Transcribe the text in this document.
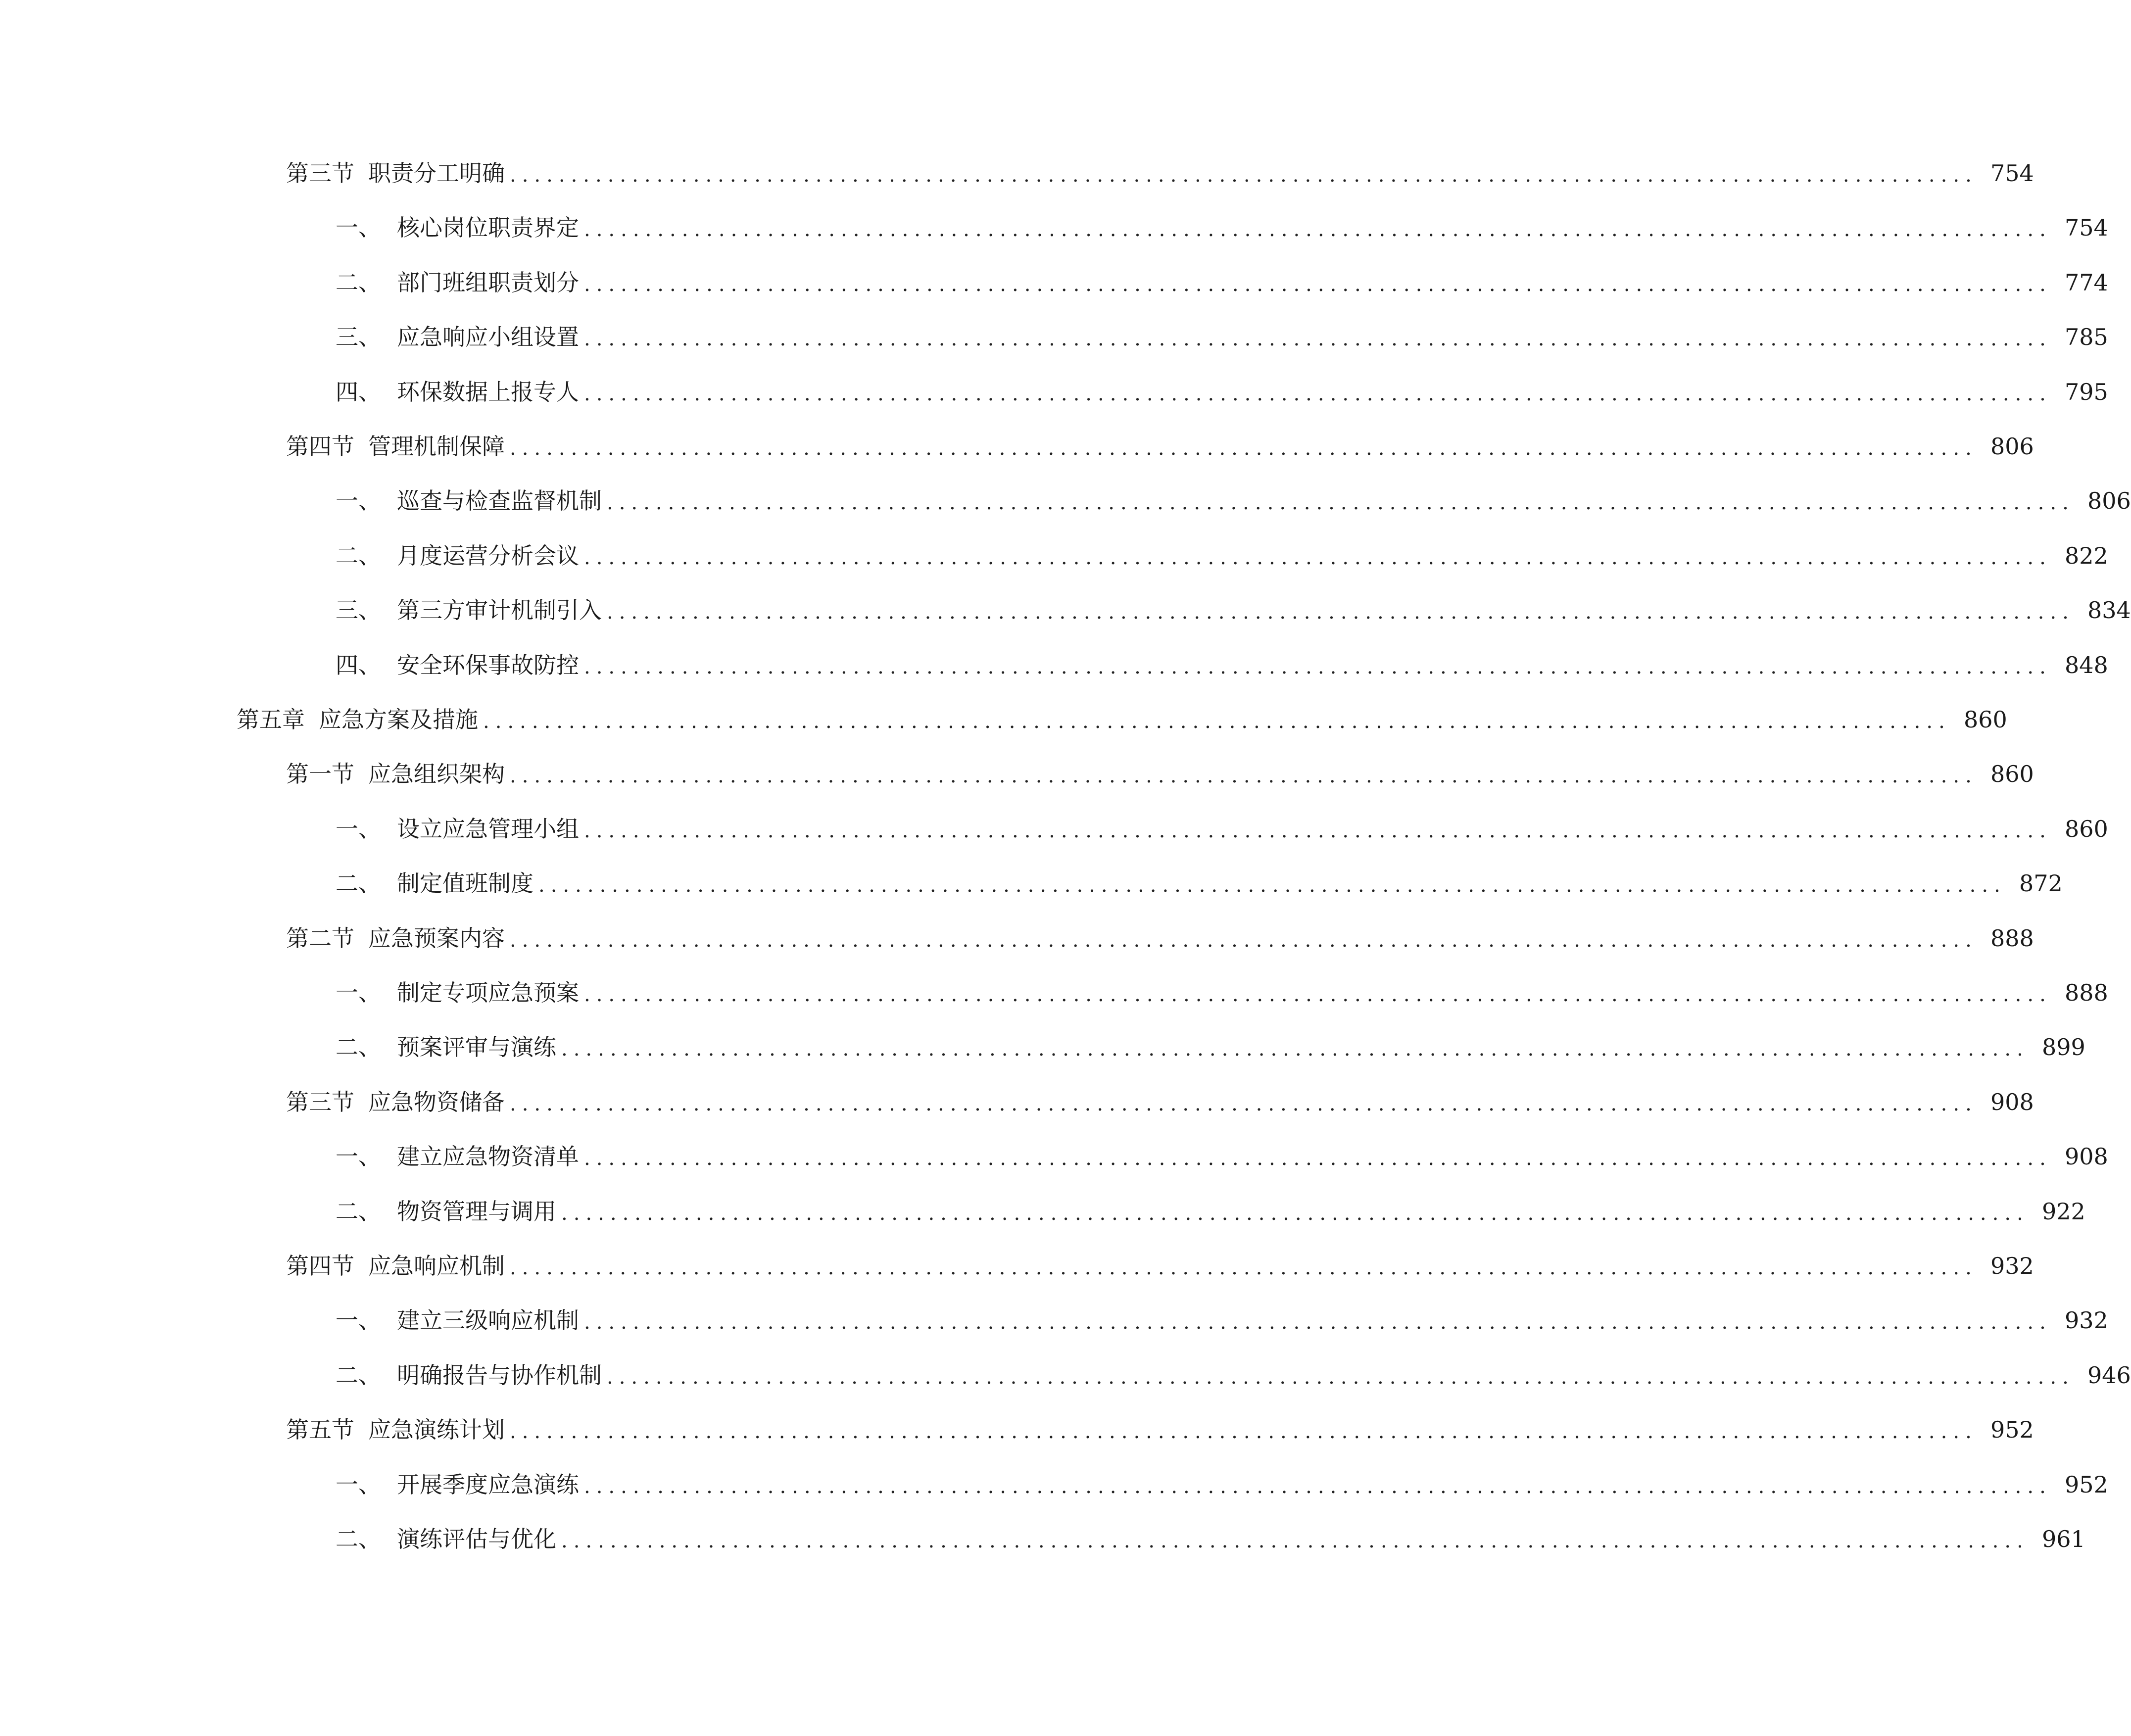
第三节 职责分工明确 ........................................................................................................................ 754
一、 核心岗位职责界定 ........................................................................................................................ 754
二、 部门班组职责划分 ........................................................................................................................ 774
三、 应急响应小组设置 ........................................................................................................................ 785
四、 环保数据上报专人 ........................................................................................................................ 795
第四节 管理机制保障 ........................................................................................................................ 806
一、 巡查与检查监督机制 ........................................................................................................................ 806
二、 月度运营分析会议 ........................................................................................................................ 822
三、 第三方审计机制引入 ........................................................................................................................ 834
四、 安全环保事故防控 ........................................................................................................................ 848
第五章 应急方案及措施 ........................................................................................................................ 860
第一节 应急组织架构 ........................................................................................................................ 860
一、 设立应急管理小组 ........................................................................................................................ 860
二、 制定值班制度 ........................................................................................................................ 872
第二节 应急预案内容 ........................................................................................................................ 888
一、 制定专项应急预案 ........................................................................................................................ 888
二、 预案评审与演练 ........................................................................................................................ 899
第三节 应急物资储备 ........................................................................................................................ 908
一、 建立应急物资清单 ........................................................................................................................ 908
二、 物资管理与调用 ........................................................................................................................ 922
第四节 应急响应机制 ........................................................................................................................ 932
一、 建立三级响应机制 ........................................................................................................................ 932
二、 明确报告与协作机制 ........................................................................................................................ 946
第五节 应急演练计划 ........................................................................................................................ 952
一、 开展季度应急演练 ........................................................................................................................ 952
二、 演练评估与优化 ........................................................................................................................ 961
